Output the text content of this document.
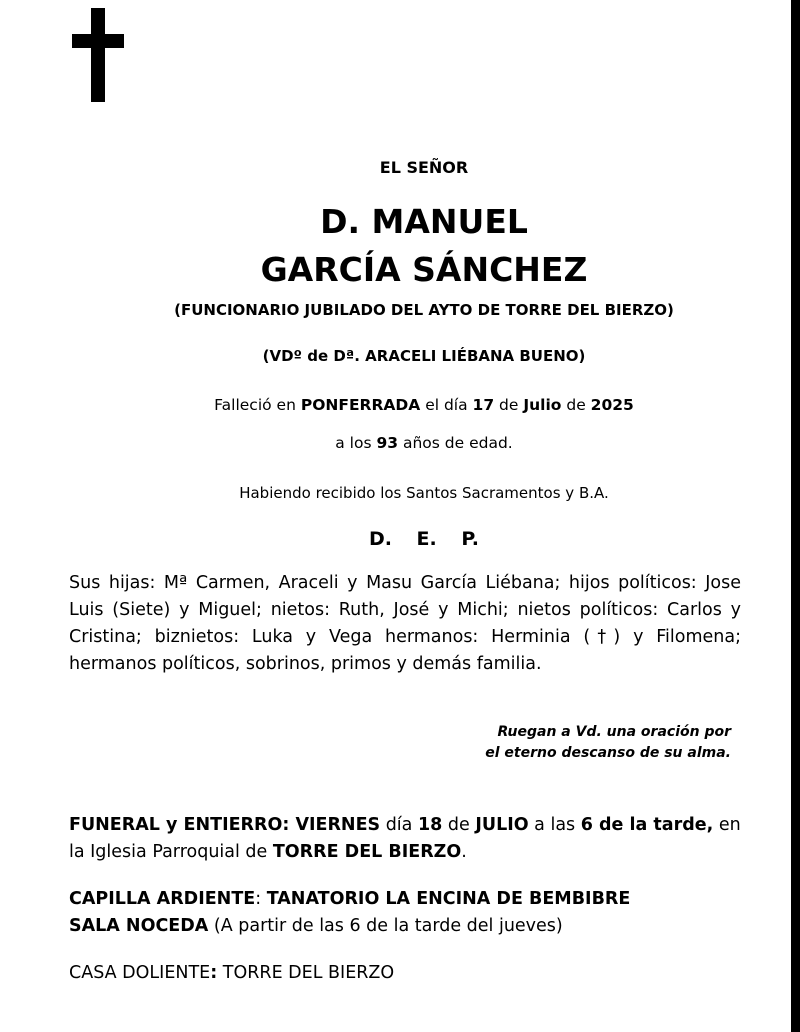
EL SEÑOR
D. MANUEL
GARCÍA SÁNCHEZ
(FUNCIONARIO JUBILADO DEL AYTO DE TORRE DEL BIERZO)
(VDº de Dª. ARACELI LIÉBANA BUENO)
Falleció en PONFERRADA el día 17 de Julio de 2025
a los 93 años de edad.
Habiendo recibido los Santos Sacramentos y B.A.
D. E. P.
Sus hijas: Mª Carmen, Araceli y Masu García Liébana; hijos políticos: Jose Luis (Siete) y Miguel; nietos: Ruth, José y Michi; nietos políticos: Carlos y Cristina; biznietos: Luka y Vega hermanos: Herminia (†) y Filomena; hermanos políticos, sobrinos, primos y demás familia.
Ruegan a Vd. una oración por
el eterno descanso de su alma.
FUNERAL y ENTIERRO: VIERNES día 18 de JULIO a las 6 de la tarde, en la Iglesia Parroquial de TORRE DEL BIERZO.
CAPILLA ARDIENTE: TANATORIO LA ENCINA DE BEMBIBRE
SALA NOCEDA (A partir de las 6 de la tarde del jueves)
CASA DOLIENTE: TORRE DEL BIERZO
